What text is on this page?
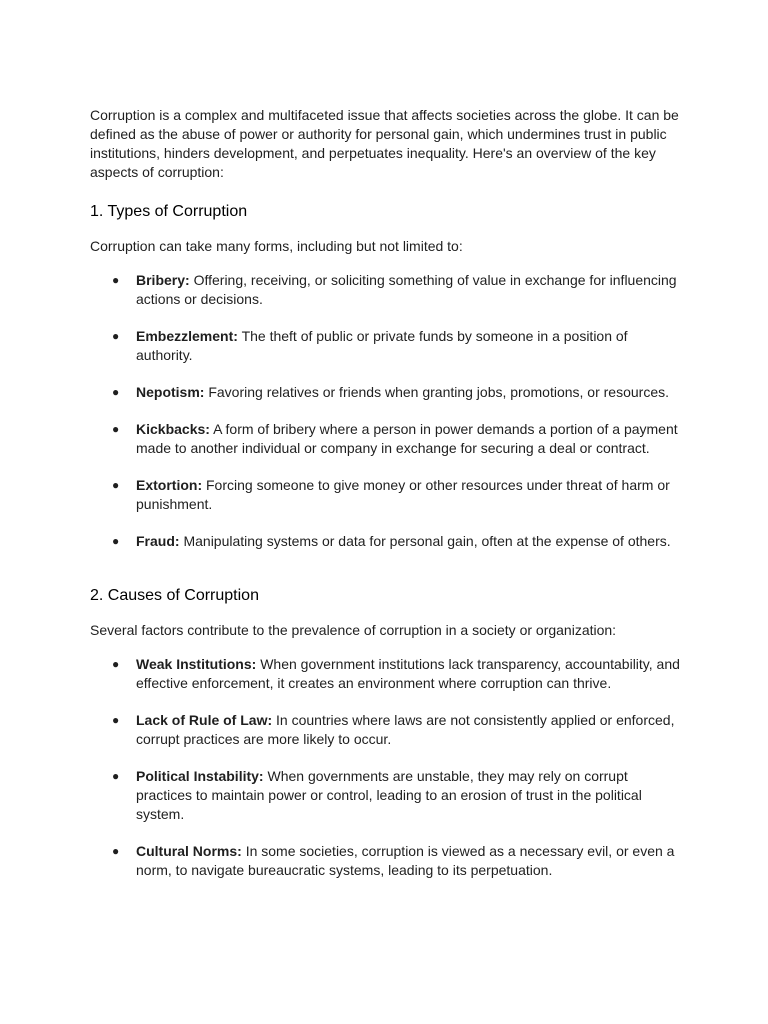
Corruption is a complex and multifaceted issue that affects societies across the globe. It can be defined as the abuse of power or authority for personal gain, which undermines trust in public institutions, hinders development, and perpetuates inequality. Here's an overview of the key aspects of corruption:

1. Types of Corruption

Corruption can take many forms, including but not limited to:

● Bribery: Offering, receiving, or soliciting something of value in exchange for influencing actions or decisions.
● Embezzlement: The theft of public or private funds by someone in a position of authority.
● Nepotism: Favoring relatives or friends when granting jobs, promotions, or resources.
● Kickbacks: A form of bribery where a person in power demands a portion of a payment made to another individual or company in exchange for securing a deal or contract.
● Extortion: Forcing someone to give money or other resources under threat of harm or punishment.
● Fraud: Manipulating systems or data for personal gain, often at the expense of others.
2. Causes of Corruption

Several factors contribute to the prevalence of corruption in a society or organization:

● Weak Institutions: When government institutions lack transparency, accountability, and effective enforcement, it creates an environment where corruption can thrive.
● Lack of Rule of Law: In countries where laws are not consistently applied or enforced, corrupt practices are more likely to occur.
● Political Instability: When governments are unstable, they may rely on corrupt practices to maintain power or control, leading to an erosion of trust in the political system.
● Cultural Norms: In some societies, corruption is viewed as a necessary evil, or even a norm, to navigate bureaucratic systems, leading to its perpetuation.
